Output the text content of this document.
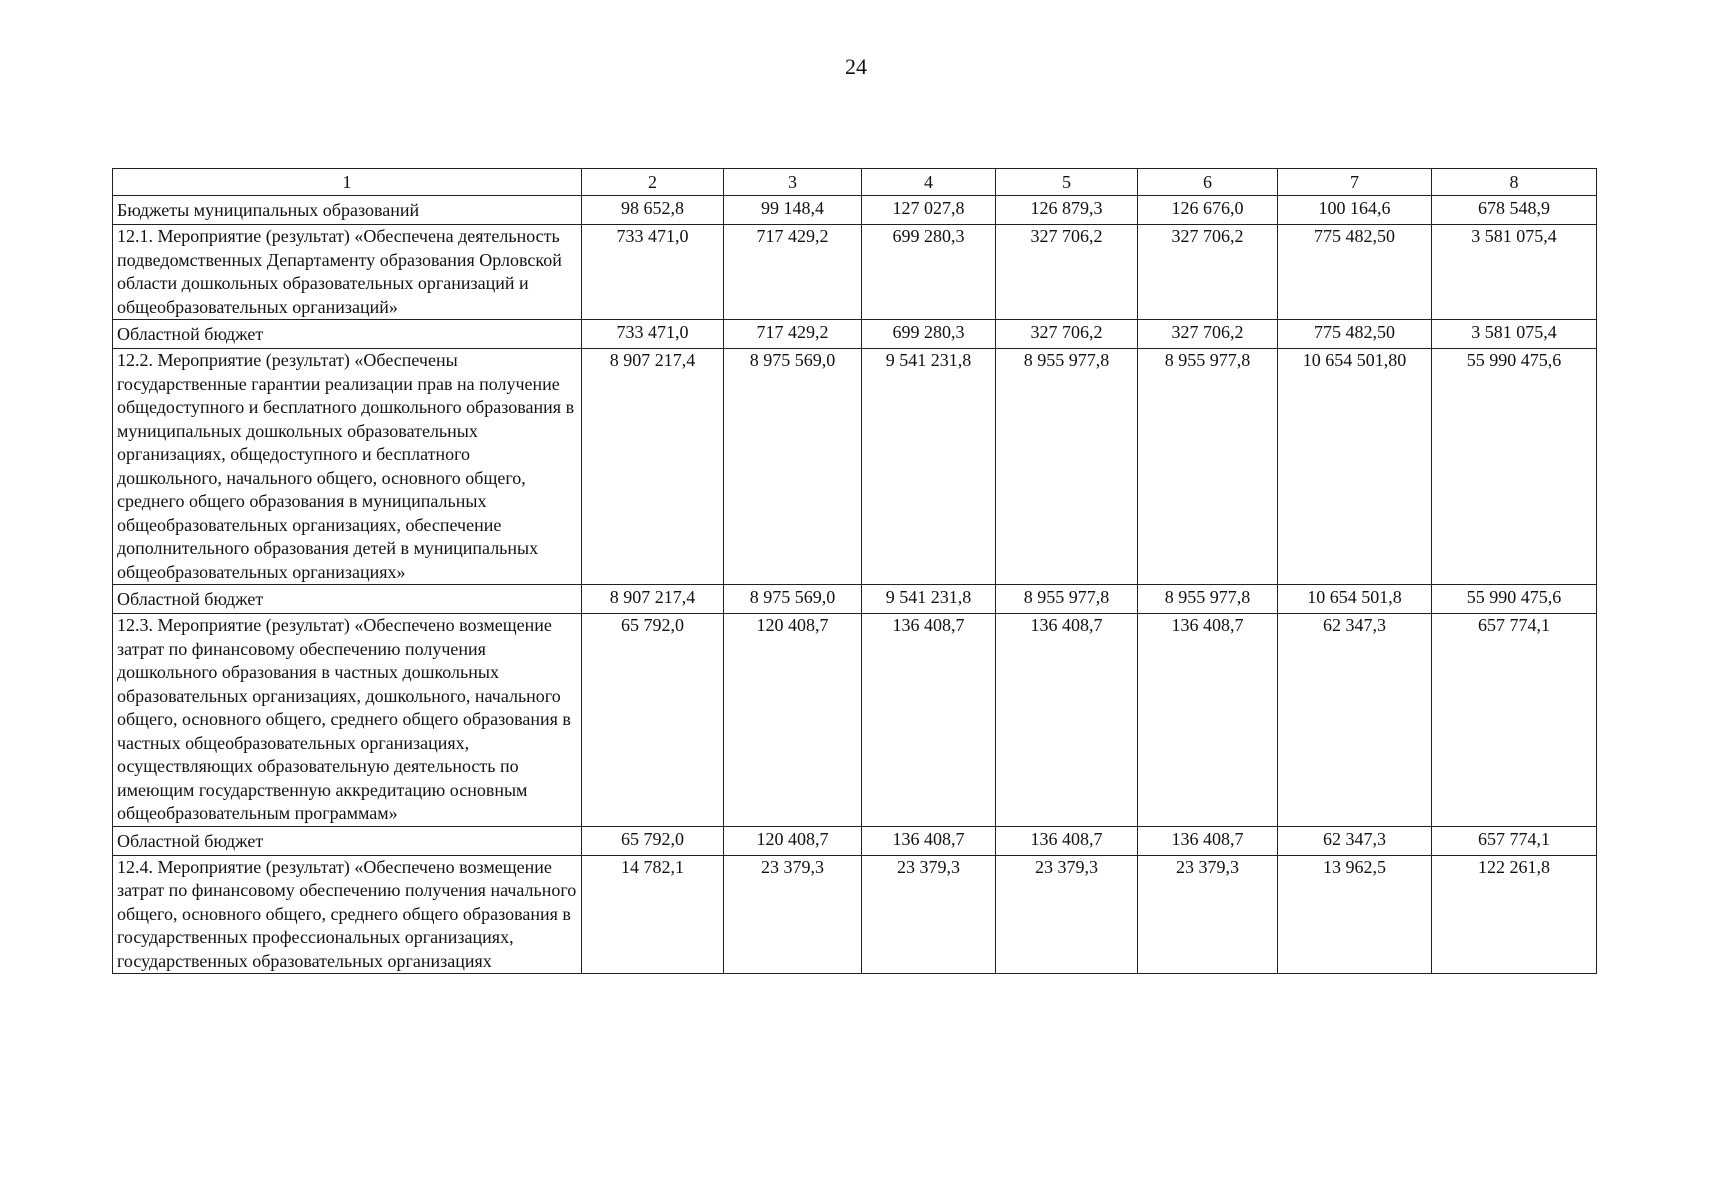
24
1	2	3	4	5	6	7	8
Бюджеты муниципальных образований	98 652,8	99 148,4	127 027,8	126 879,3	126 676,0	100 164,6	678 548,9
12.1. Мероприятие (результат) «Обеспечена деятельность подведомственных Департаменту образования Орловской области дошкольных образовательных организаций и общеобразовательных организаций»	733 471,0	717 429,2	699 280,3	327 706,2	327 706,2	775 482,50	3 581 075,4
Областной бюджет	733 471,0	717 429,2	699 280,3	327 706,2	327 706,2	775 482,50	3 581 075,4
12.2. Мероприятие (результат) «Обеспечены государственные гарантии реализации прав на получение общедоступного и бесплатного дошкольного образования в муниципальных дошкольных образовательных организациях, общедоступного и бесплатного дошкольного, начального общего, основного общего, среднего общего образования в муниципальных общеобразовательных организациях, обеспечение дополнительного образования детей в муниципальных общеобразовательных организациях»	8 907 217,4	8 975 569,0	9 541 231,8	8 955 977,8	8 955 977,8	10 654 501,80	55 990 475,6
Областной бюджет	8 907 217,4	8 975 569,0	9 541 231,8	8 955 977,8	8 955 977,8	10 654 501,8	55 990 475,6
12.3. Мероприятие (результат) «Обеспечено возмещение затрат по финансовому обеспечению получения дошкольного образования в частных дошкольных образовательных организациях, дошкольного, начального общего, основного общего, среднего общего образования в частных общеобразовательных организациях, осуществляющих образовательную деятельность по имеющим государственную аккредитацию основным общеобразовательным программам»	65 792,0	120 408,7	136 408,7	136 408,7	136 408,7	62 347,3	657 774,1
Областной бюджет	65 792,0	120 408,7	136 408,7	136 408,7	136 408,7	62 347,3	657 774,1
12.4. Мероприятие (результат) «Обеспечено возмещение затрат по финансовому обеспечению получения начального общего, основного общего, среднего общего образования в государственных профессиональных организациях, государственных образовательных организациях	14 782,1	23 379,3	23 379,3	23 379,3	23 379,3	13 962,5	122 261,8
